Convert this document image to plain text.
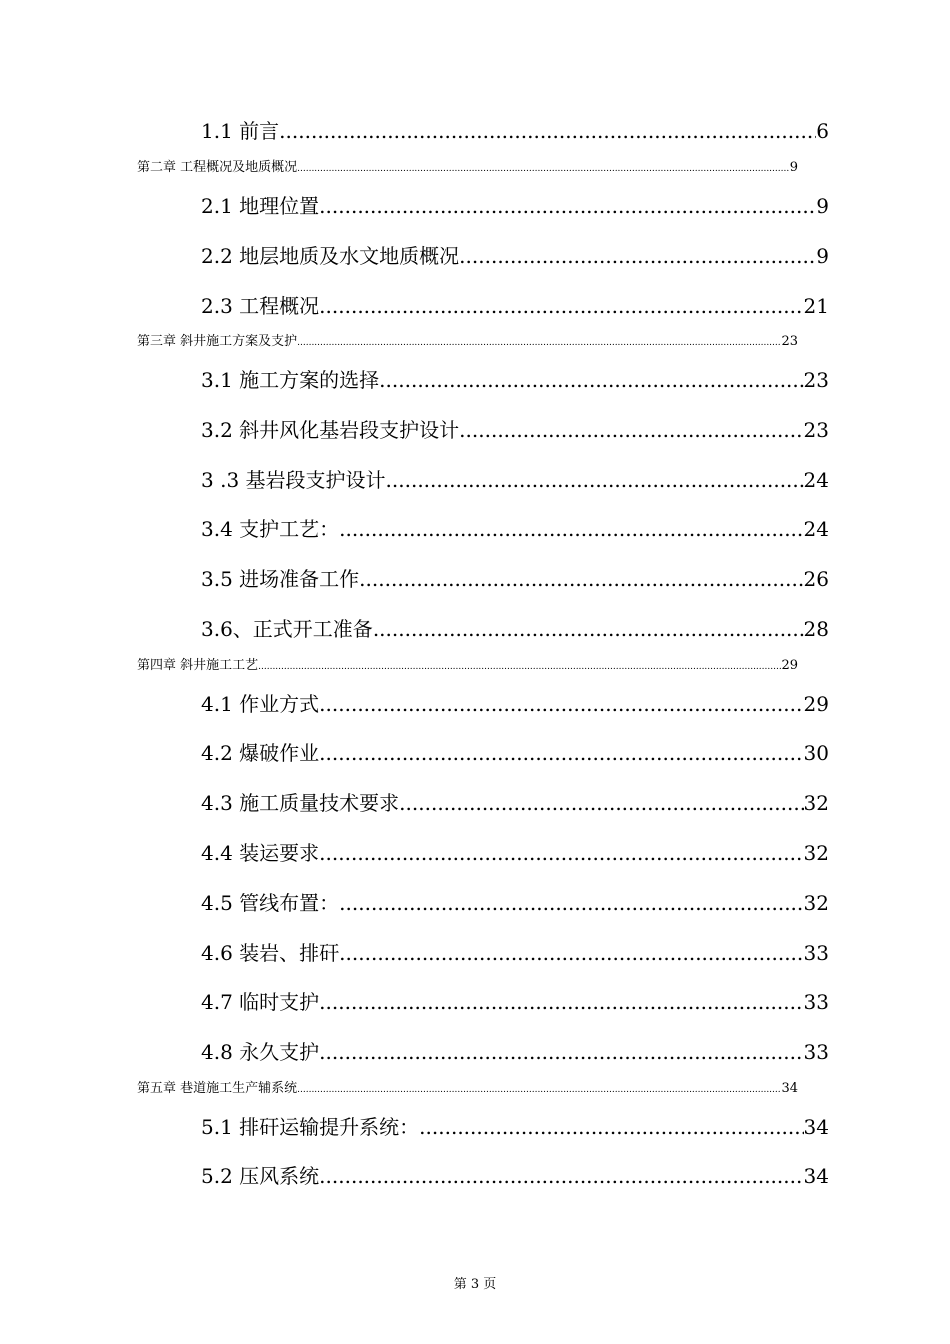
1.1 前言 .....	6
第二章 工程概况及地质概况 .....	9
2.1 地理位置 .....	9
2.2 地层地质及水文地质概况 .....	9
2.3 工程概况 .....	21
第三章 斜井施工方案及支护 .....	23
3.1 施工方案的选择 .....	23
3.2 斜井风化基岩段支护设计 .....	23
3 .3 基岩段支护设计 .....	24
3.4 支护工艺： .....	24
3.5 进场准备工作 .....	26
3.6、正式开工准备 .....	28
第四章 斜井施工工艺 .....	29
4.1 作业方式 .....	29
4.2 爆破作业 .....	30
4.3 施工质量技术要求 .....	32
4.4 装运要求 .....	32
4.5 管线布置： .....	32
4.6 装岩、排矸 .....	33
4.7 临时支护 .....	33
4.8 永久支护 .....	33
第五章 巷道施工生产辅系统 .....	34
5.1 排矸运输提升系统： .....	34
5.2 压风系统 .....	34
第 3 页
